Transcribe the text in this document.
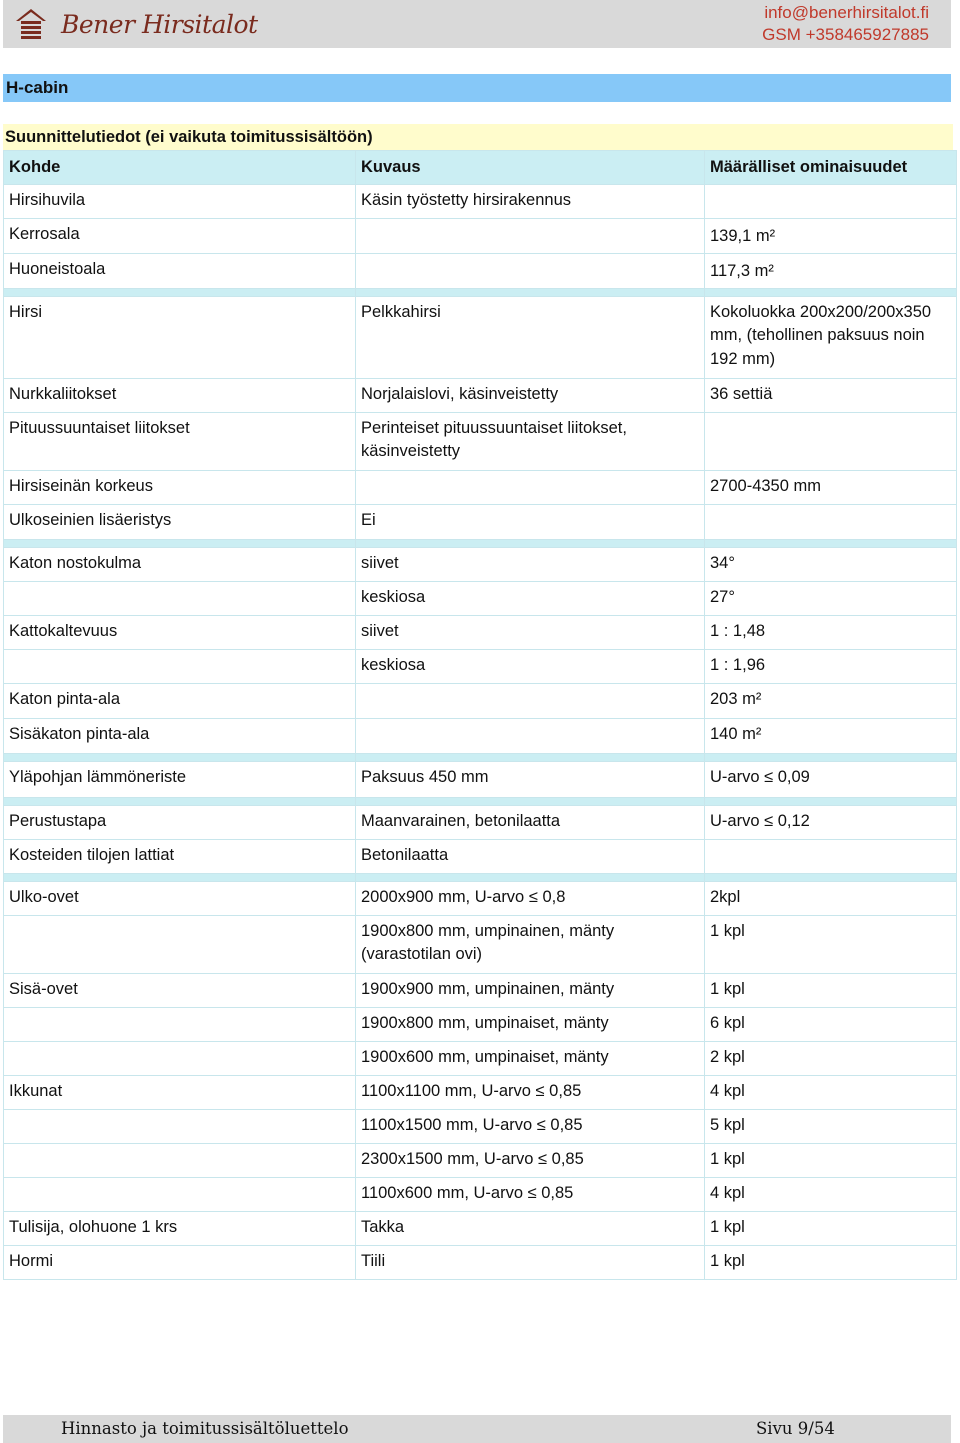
Bener Hirsitalot	info@benerhirsitalot.fi
GSM +358465927885
H-cabin
Suunnittelutiedot (ei vaikuta toimitussisältöön)
Kohde	Kuvaus	Määrälliset ominaisuudet
Hirsihuvila	Käsin työstetty hirsirakennus	
Kerrosala		139,1 m²
Huoneistoala		117,3 m²

Hirsi	Pelkkahirsi	Kokoluokka 200x200/200x350 mm, (tehollinen paksuus noin 192 mm)
Nurkkaliitokset	Norjalaislovi, käsinveistetty	36 settiä
Pituussuuntaiset liitokset	Perinteiset pituussuuntaiset liitokset, käsinveistetty	
Hirsiseinän korkeus		2700-4350 mm
Ulkoseinien lisäeristys	Ei	

Katon nostokulma	siivet	34°
	keskiosa	27°
Kattokaltevuus	siivet	1 : 1,48
	keskiosa	1 : 1,96
Katon pinta-ala		203 m²
Sisäkaton pinta-ala		140 m²

Yläpohjan lämmöneriste	Paksuus 450 mm	U-arvo ≤ 0,09

Perustustapa	Maanvarainen, betonilaatta	U-arvo ≤ 0,12
Kosteiden tilojen lattiat	Betonilaatta	

Ulko-ovet	2000x900 mm, U-arvo ≤ 0,8	2kpl
	1900x800 mm, umpinainen, mänty (varastotilan ovi)	1 kpl
Sisä-ovet	1900x900 mm, umpinainen, mänty	1 kpl
	1900x800 mm, umpinaiset, mänty	6 kpl
	1900x600 mm, umpinaiset, mänty	2 kpl
Ikkunat	1100x1100 mm, U-arvo ≤ 0,85	4 kpl
	1100x1500 mm, U-arvo ≤ 0,85	5 kpl
	2300x1500 mm, U-arvo ≤ 0,85	1 kpl
	1100x600 mm, U-arvo ≤ 0,85	4 kpl
Tulisija, olohuone 1 krs	Takka	1 kpl
Hormi	Tiili	1 kpl
Hinnasto ja toimitussisältöluettelo	Sivu 9/54
